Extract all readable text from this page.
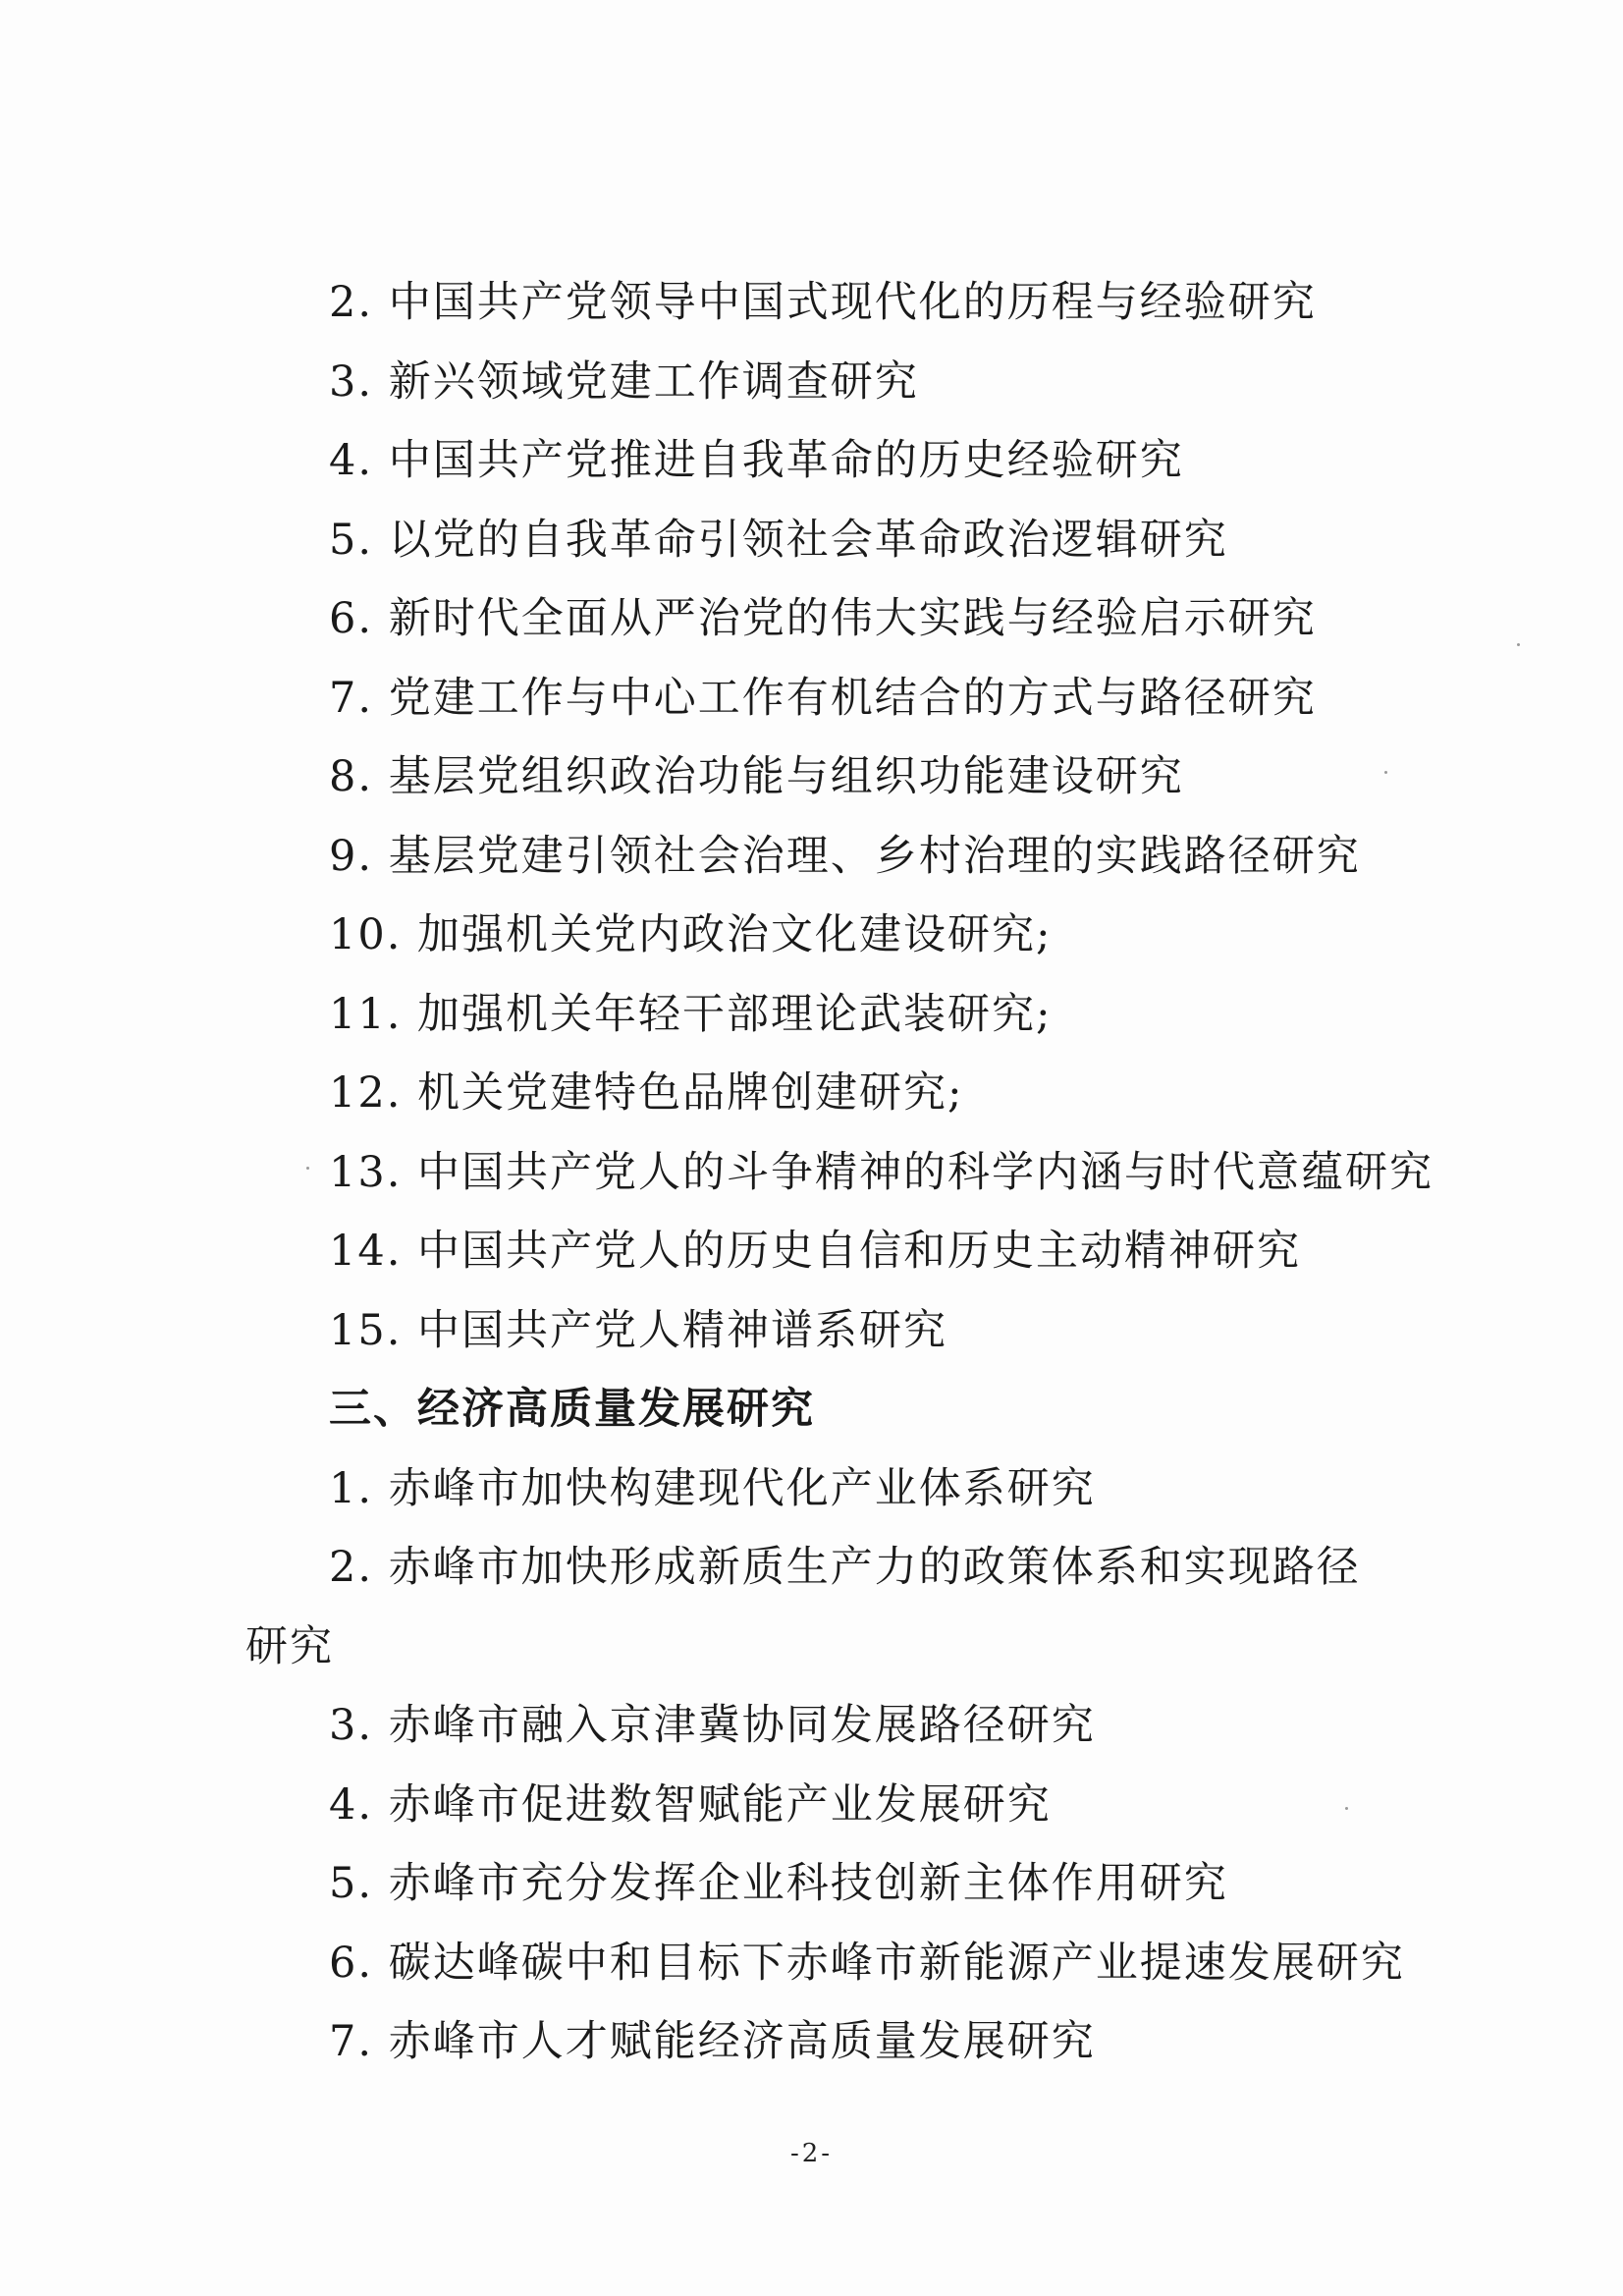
2. 中国共产党领导中国式现代化的历程与经验研究

3. 新兴领域党建工作调查研究

4. 中国共产党推进自我革命的历史经验研究

5. 以党的自我革命引领社会革命政治逻辑研究

6. 新时代全面从严治党的伟大实践与经验启示研究

7. 党建工作与中心工作有机结合的方式与路径研究

8. 基层党组织政治功能与组织功能建设研究

9. 基层党建引领社会治理、乡村治理的实践路径研究

10. 加强机关党内政治文化建设研究;

11. 加强机关年轻干部理论武装研究;

12. 机关党建特色品牌创建研究;

13. 中国共产党人的斗争精神的科学内涵与时代意蕴研究

14. 中国共产党人的历史自信和历史主动精神研究

15. 中国共产党人精神谱系研究

三、经济高质量发展研究

1. 赤峰市加快构建现代化产业体系研究

2. 赤峰市加快形成新质生产力的政策体系和实现路径

研究

3. 赤峰市融入京津冀协同发展路径研究

4. 赤峰市促进数智赋能产业发展研究

5. 赤峰市充分发挥企业科技创新主体作用研究

6. 碳达峰碳中和目标下赤峰市新能源产业提速发展研究

7. 赤峰市人才赋能经济高质量发展研究

-2-
